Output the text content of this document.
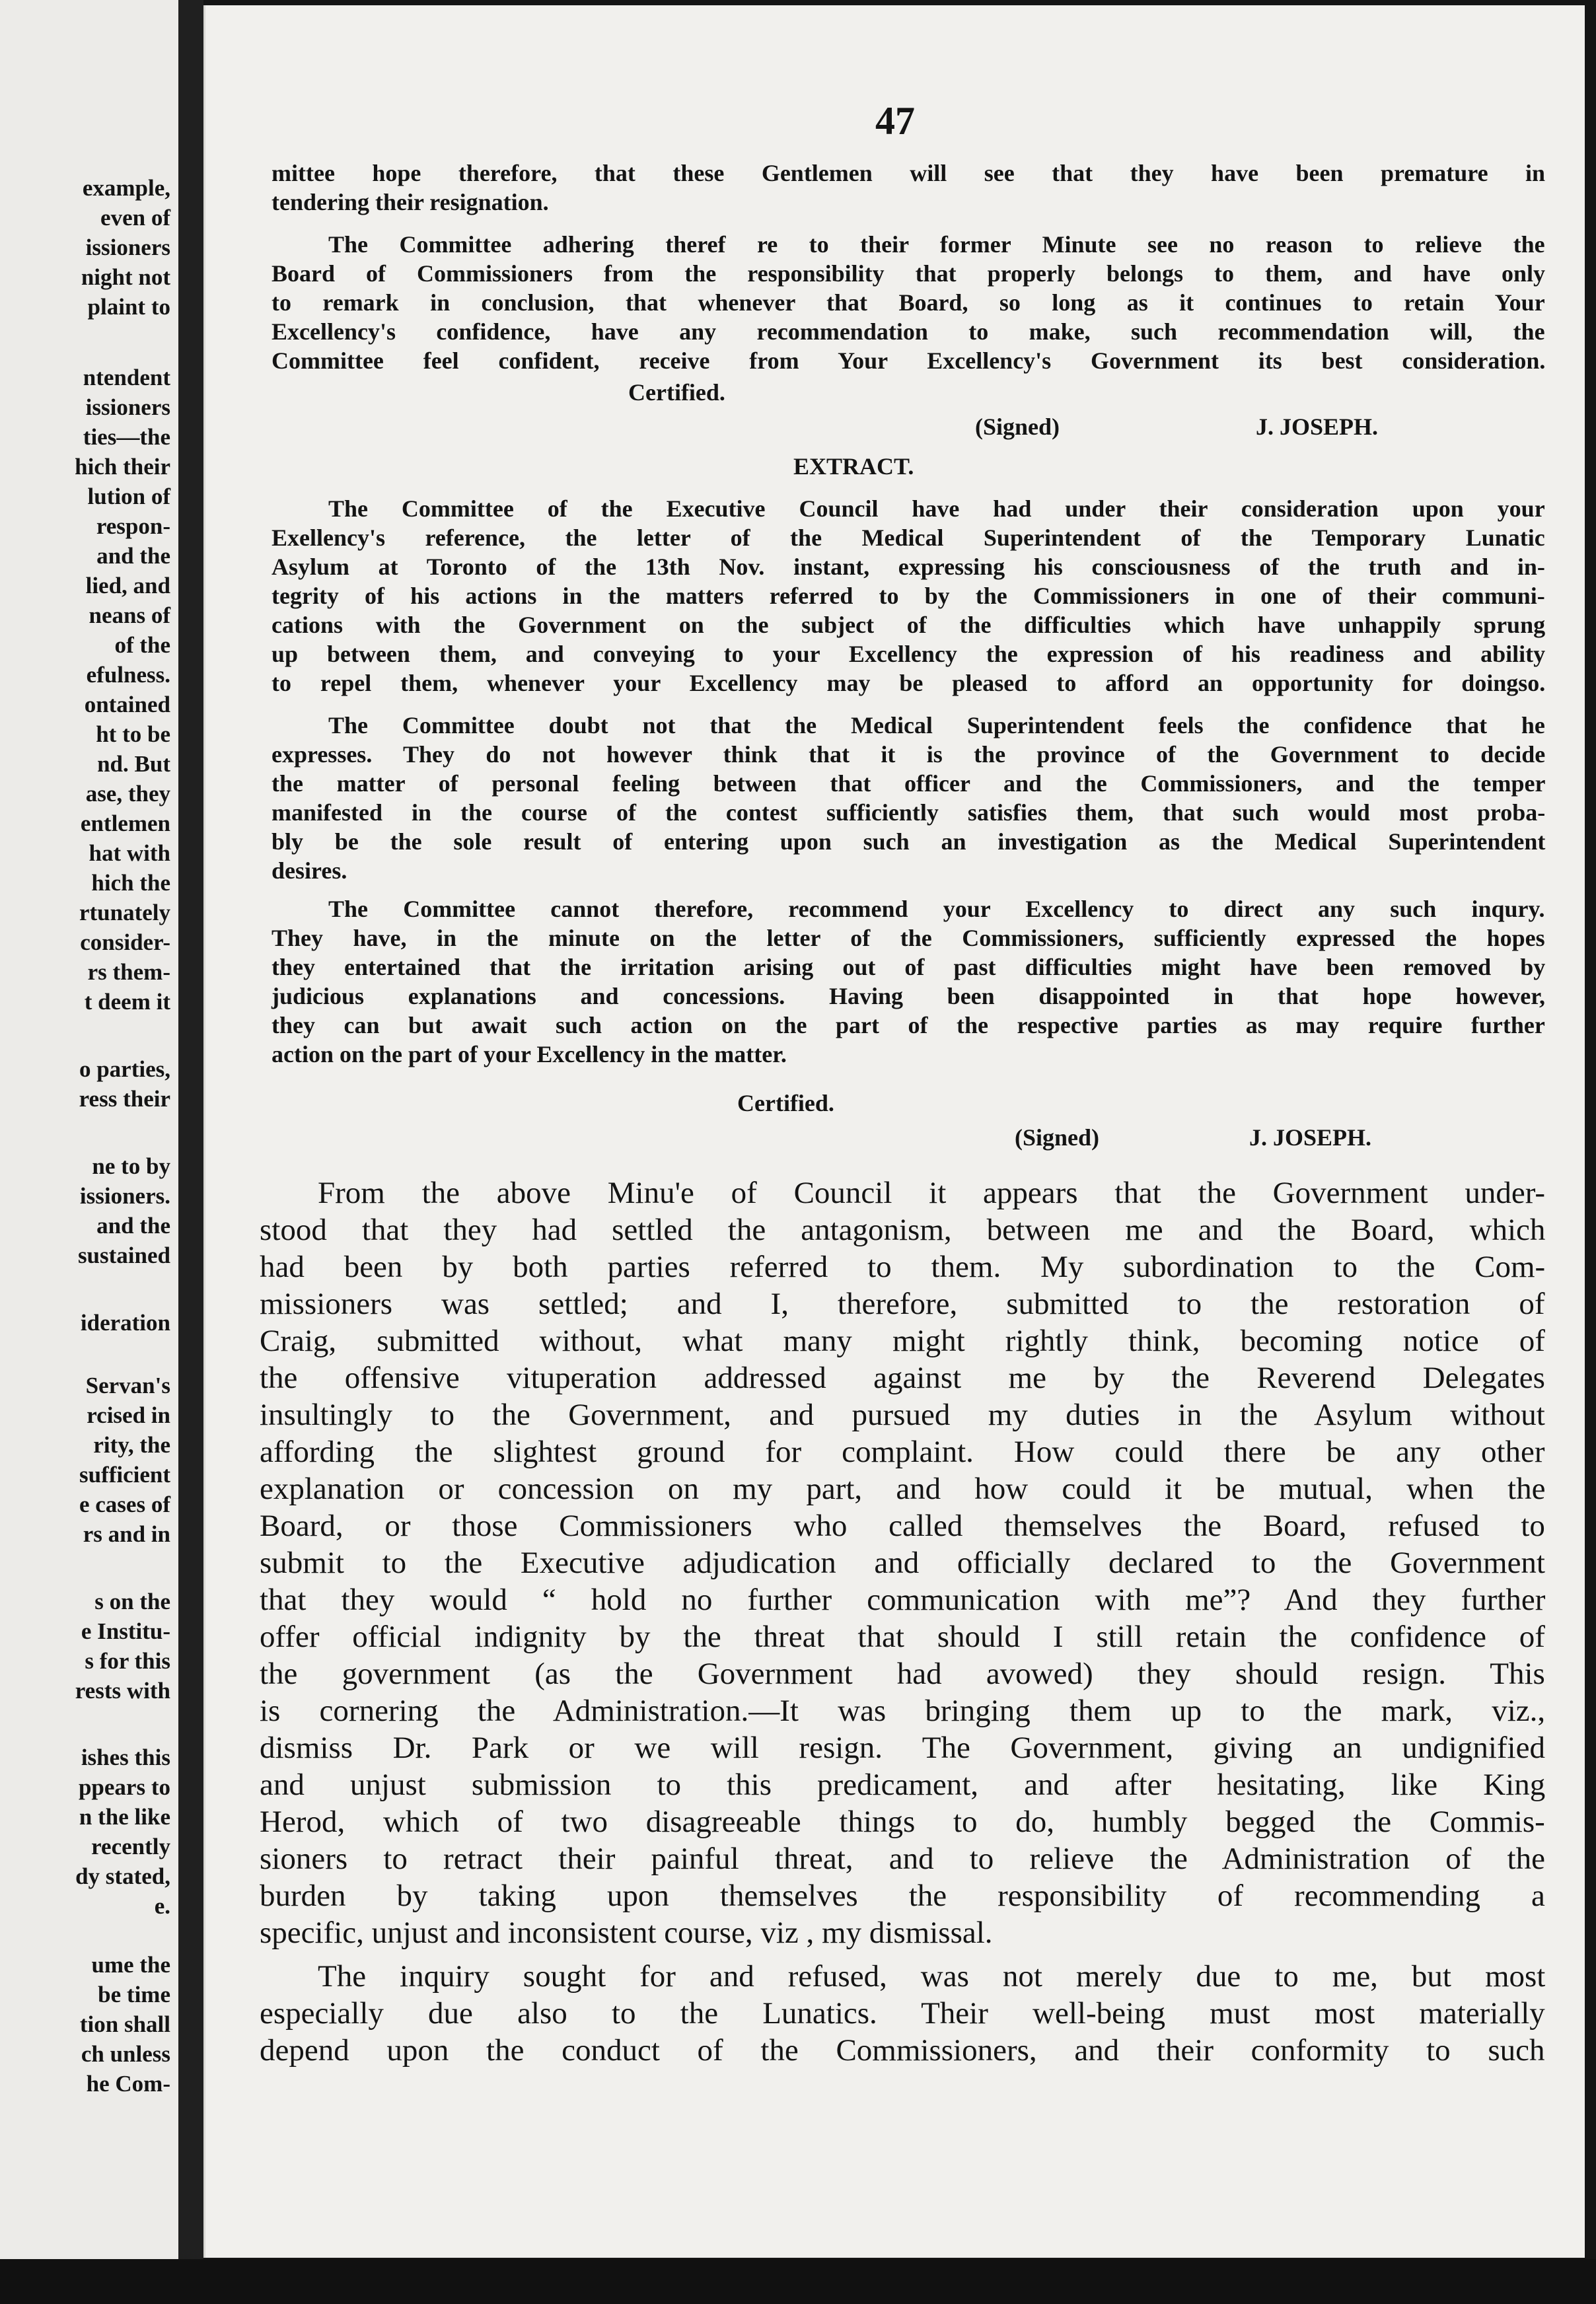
example,
even of
issioners
night not
plaint to
ntendent
issioners
ties—the
hich their
lution of
respon-
and the
lied, and
neans of
of the
efulness.
ontained
ht to be
nd. But
ase, they
entlemen
hat with
hich the
rtunately
consider-
rs them-
t deem it
o parties,
ress their
ne to by
issioners.
and the
sustained
ideration
Servan's
rcised in
rity, the
sufficient
e cases of
rs and in
s on the
e Institu-
s for this
rests with
ishes this
ppears to
n the like
recently
dy stated,
e.
ume the
be time
tion shall
ch unless
he Com-
47
mittee hope therefore, that these Gentlemen will see that they have been premature in
tendering their resignation.
The Committee adhering theref re to their former Minute see no reason to relieve the
Board of Commissioners from the responsibility that properly belongs to them, and have only
to remark in conclusion, that whenever that Board, so long as it continues to retain Your
Excellency's confidence, have any recommendation to make, such recommendation will, the
Committee feel confident, receive from Your Excellency's Government its best consideration.
Certified.
(Signed)	J. JOSEPH.
EXTRACT.
The Committee of the Executive Council have had under their consideration upon your
Exellency's reference, the letter of the Medical Superintendent of the Temporary Lunatic
Asylum at Toronto of the 13th Nov. instant, expressing his consciousness of the truth and in-
tegrity of his actions in the matters referred to by the Commissioners in one of their communi-
cations with the Government on the subject of the difficulties which have unhappily sprung
up between them, and conveying to your Excellency the expression of his readiness and ability
to repel them, whenever your Excellency may be pleased to afford an opportunity for doingso.
The Committee doubt not that the Medical Superintendent feels the confidence that he
expresses. They do not however think that it is the province of the Government to decide
the matter of personal feeling between that officer and the Commissioners, and the temper
manifested in the course of the contest sufficiently satisfies them, that such would most proba-
bly be the sole result of entering upon such an investigation as the Medical Superintendent
desires.
The Committee cannot therefore, recommend your Excellency to direct any such inqury.
They have, in the minute on the letter of the Commissioners, sufficiently expressed the hopes
they entertained that the irritation arising out of past difficulties might have been removed by
judicious explanations and concessions. Having been disappointed in that hope however,
they can but await such action on the part of the respective parties as may require further
action on the part of your Excellency in the matter.
Certified.
(Signed)	J. JOSEPH.
From the above Minu'e of Council it appears that the Government under-
stood that they had settled the antagonism, between me and the Board, which
had been by both parties referred to them. My subordination to the Com-
missioners was settled; and I, therefore, submitted to the restoration of
Craig, submitted without, what many might rightly think, becoming notice of
the offensive vituperation addressed against me by the Reverend Delegates
insultingly to the Government, and pursued my duties in the Asylum without
affording the slightest ground for complaint. How could there be any other
explanation or concession on my part, and how could it be mutual, when the
Board, or those Commissioners who called themselves the Board, refused to
submit to the Executive adjudication and officially declared to the Government
that they would “ hold no further communication with me”? And they further
offer official indignity by the threat that should I still retain the confidence of
the government (as the Government had avowed) they should resign. This
is cornering the Administration.—It was bringing them up to the mark, viz.,
dismiss Dr. Park or we will resign. The Government, giving an undignified
and unjust submission to this predicament, and after hesitating, like King
Herod, which of two disagreeable things to do, humbly begged the Commis-
sioners to retract their painful threat, and to relieve the Administration of the
burden by taking upon themselves the responsibility of recommending a
specific, unjust and inconsistent course, viz , my dismissal.
The inquiry sought for and refused, was not merely due to me, but most
especially due also to the Lunatics. Their well-being must most materially
depend upon the conduct of the Commissioners, and their conformity to such
